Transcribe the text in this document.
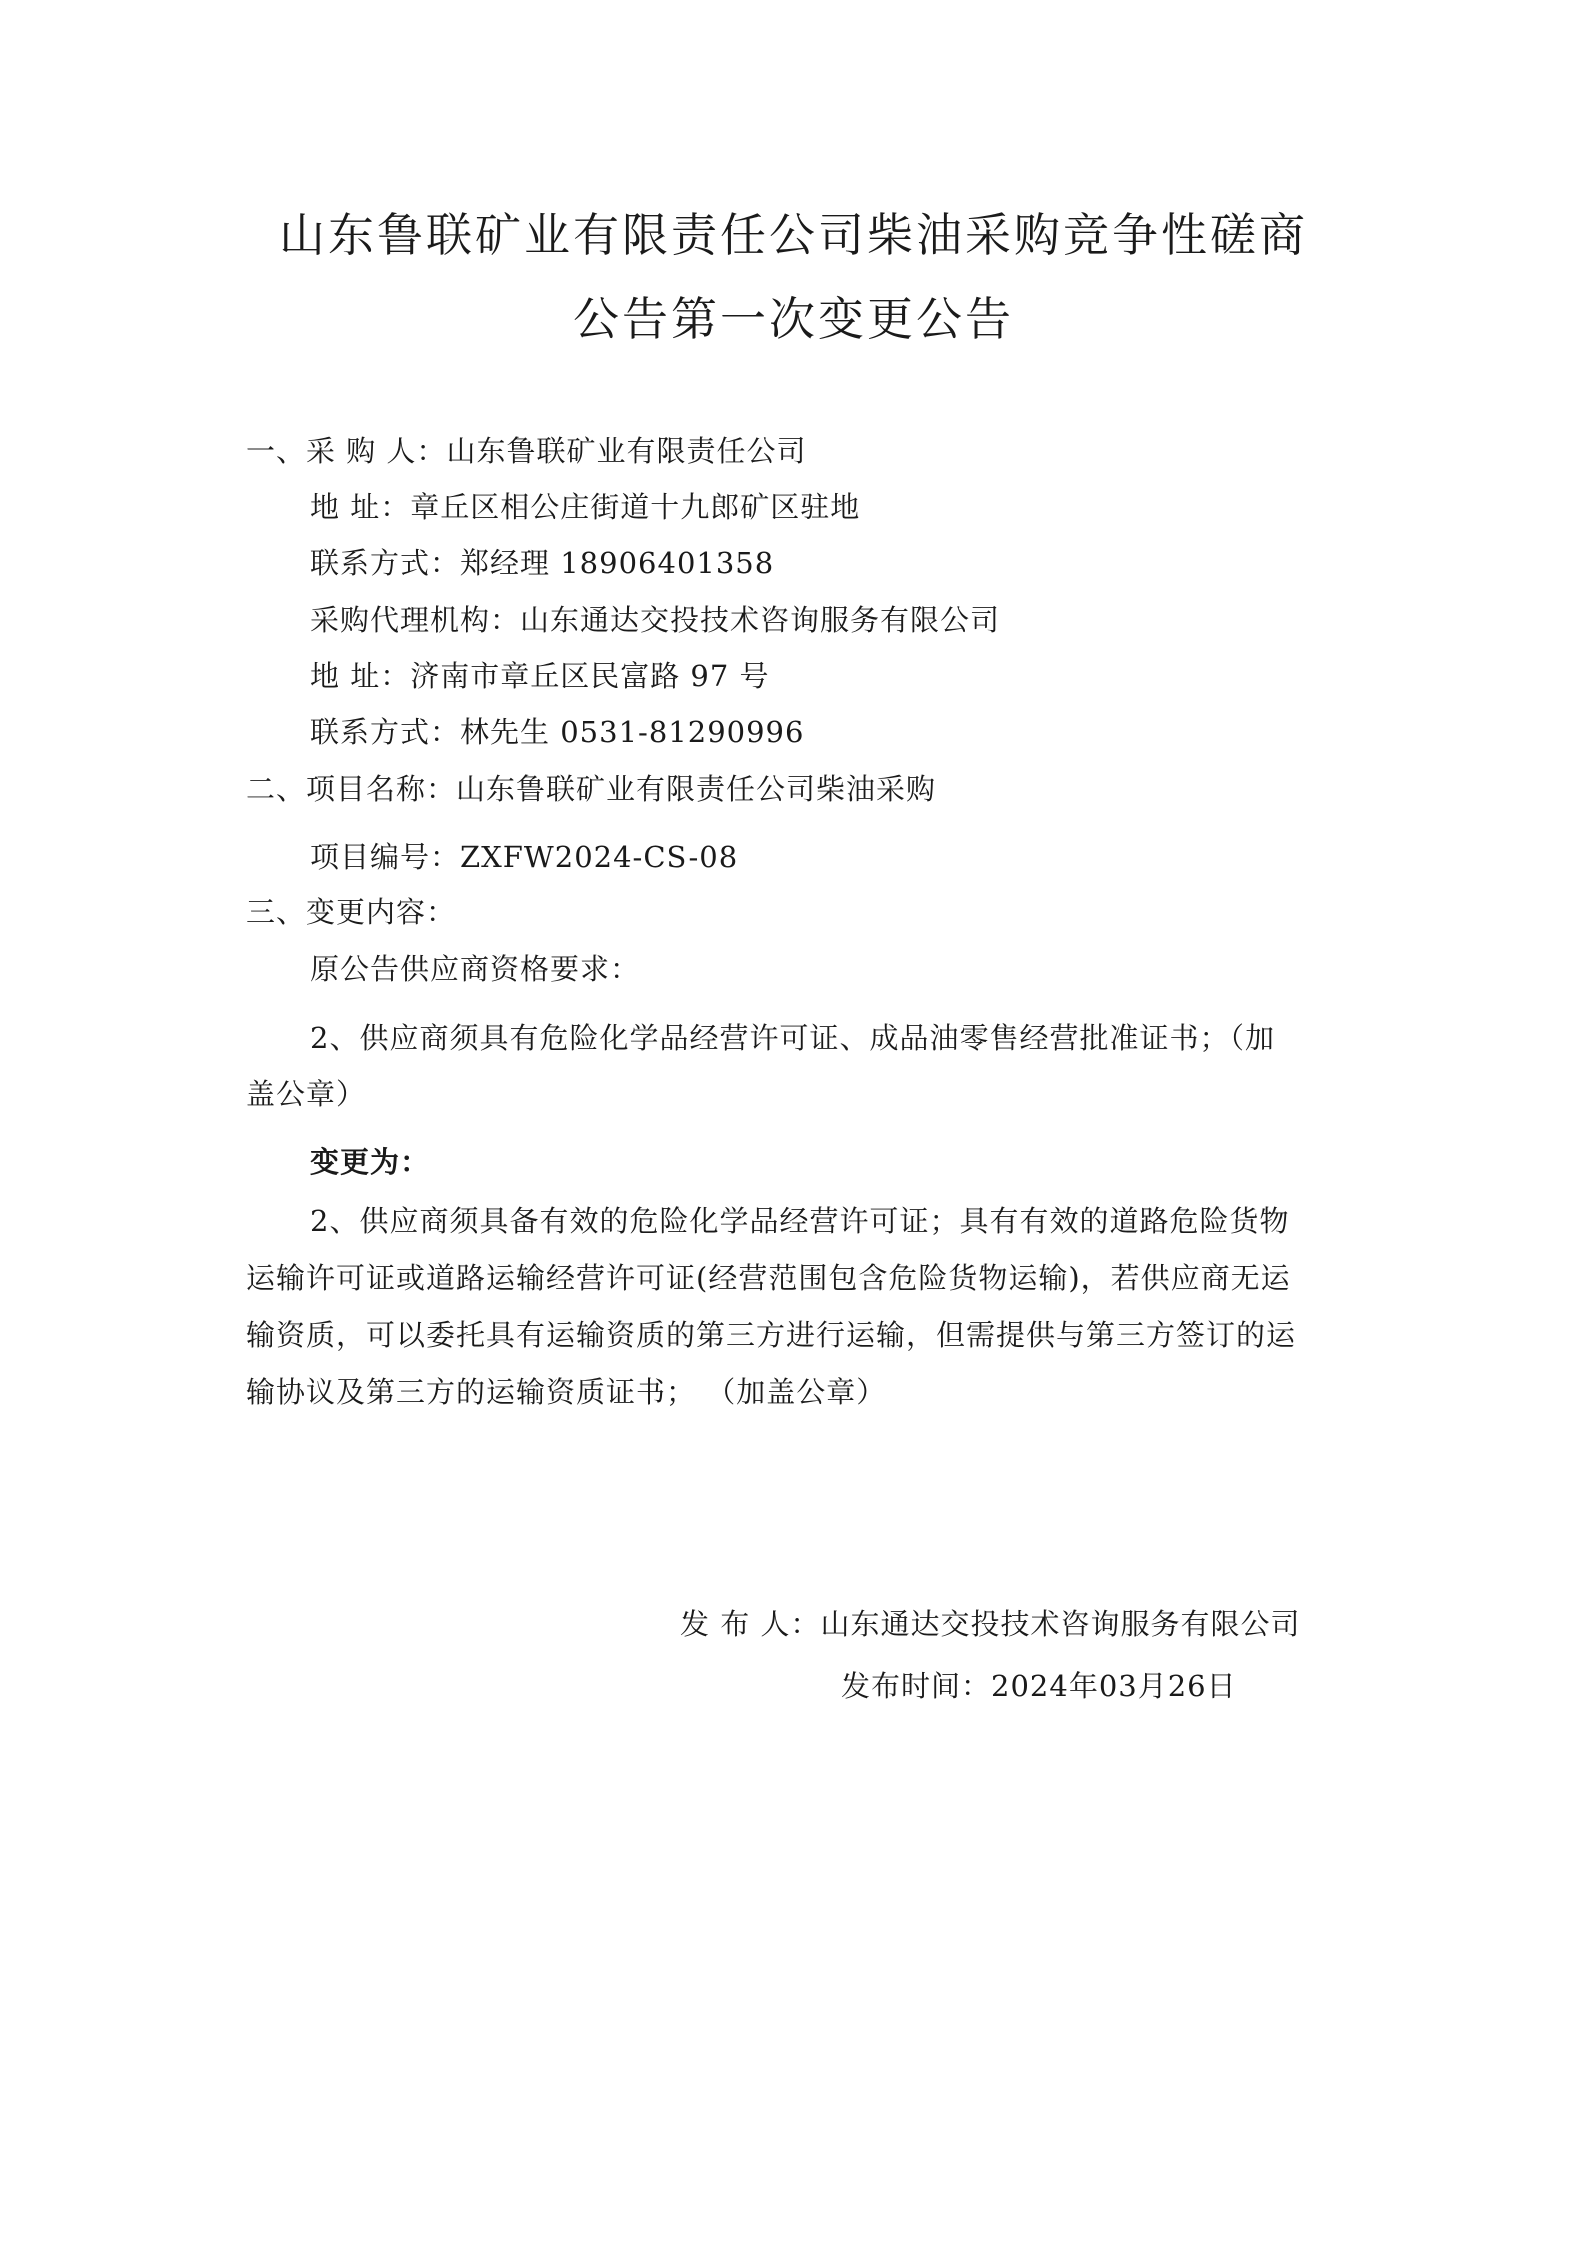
山东鲁联矿业有限责任公司柴油采购竞争性磋商
公告第一次变更公告
一、采 购 人：山东鲁联矿业有限责任公司
地 址：章丘区相公庄街道十九郎矿区驻地
联系方式：郑经理 18906401358
采购代理机构：山东通达交投技术咨询服务有限公司
地 址：济南市章丘区民富路 97 号
联系方式：林先生 0531-81290996
二、项目名称：山东鲁联矿业有限责任公司柴油采购
项目编号：ZXFW2024-CS-08
三、变更内容：
原公告供应商资格要求：
2、供应商须具有危险化学品经营许可证、成品油零售经营批准证书；（加
盖公章）
变更为：
2、供应商须具备有效的危险化学品经营许可证；具有有效的道路危险货物
运输许可证或道路运输经营许可证(经营范围包含危险货物运输)，若供应商无运
输资质，可以委托具有运输资质的第三方进行运输，但需提供与第三方签订的运
输协议及第三方的运输资质证书； （加盖公章）
发 布 人：山东通达交投技术咨询服务有限公司
发布时间：2024年03月26日
